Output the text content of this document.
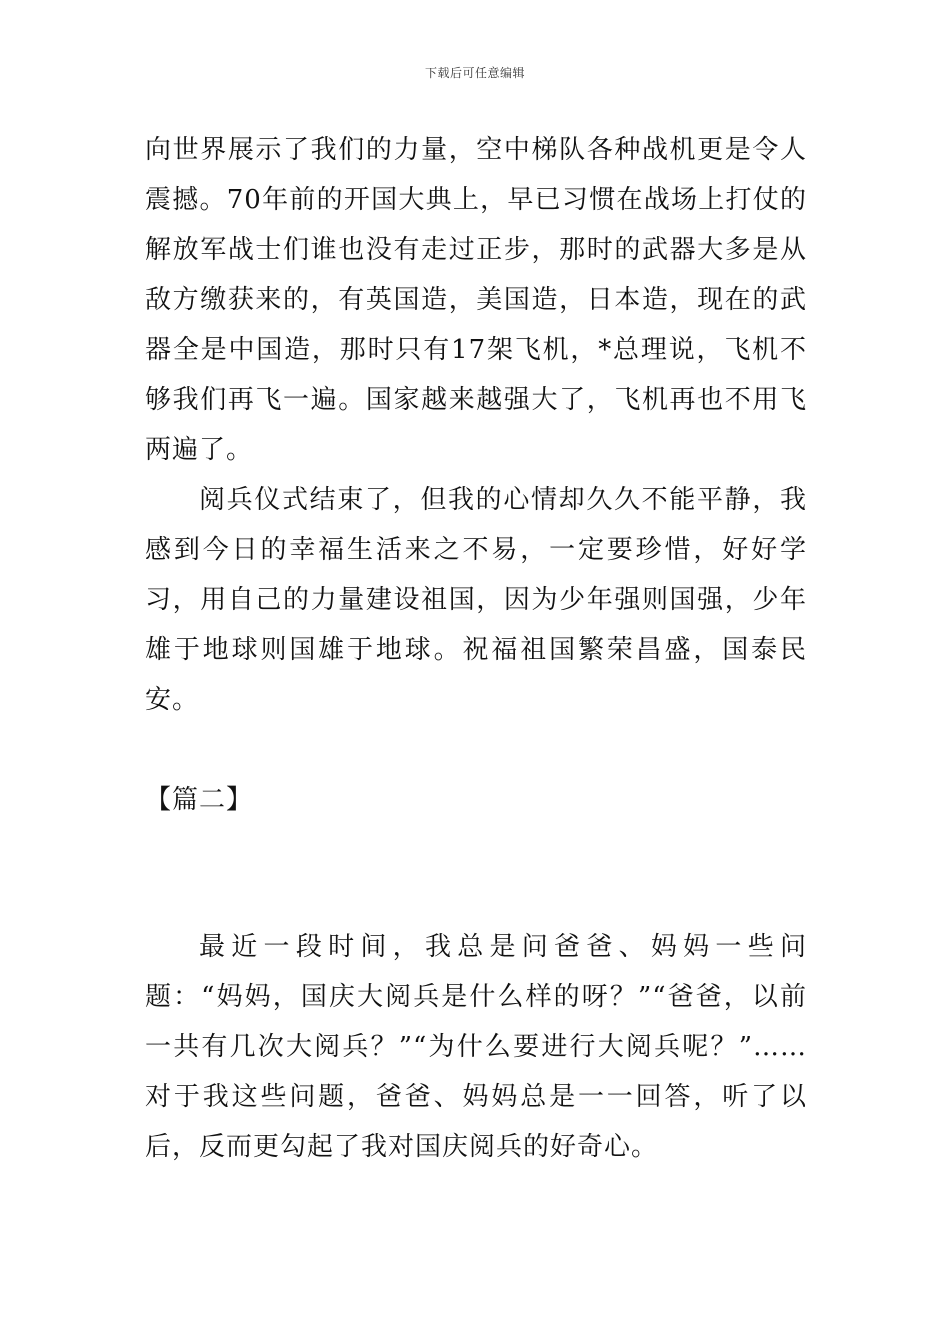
下载后可任意编辑

向世界展示了我们的力量，空中梯队各种战机更是令人震撼。70年前的开国大典上，早已习惯在战场上打仗的解放军战士们谁也没有走过正步，那时的武器大多是从敌方缴获来的，有英国造，美国造，日本造，现在的武器全是中国造，那时只有17架飞机，*总理说，飞机不够我们再飞一遍。国家越来越强大了，飞机再也不用飞两遍了。

阅兵仪式结束了，但我的心情却久久不能平静，我感到今日的幸福生活来之不易，一定要珍惜，好好学习，用自己的力量建设祖国，因为少年强则国强，少年雄于地球则国雄于地球。祝福祖国繁荣昌盛，国泰民安。

【篇二】

最近一段时间，我总是问爸爸、妈妈一些问题：“妈妈，国庆大阅兵是什么样的呀？”“爸爸，以前一共有几次大阅兵？”“为什么要进行大阅兵呢？”……对于我这些问题，爸爸、妈妈总是一一回答，听了以后，反而更勾起了我对国庆阅兵的好奇心。
